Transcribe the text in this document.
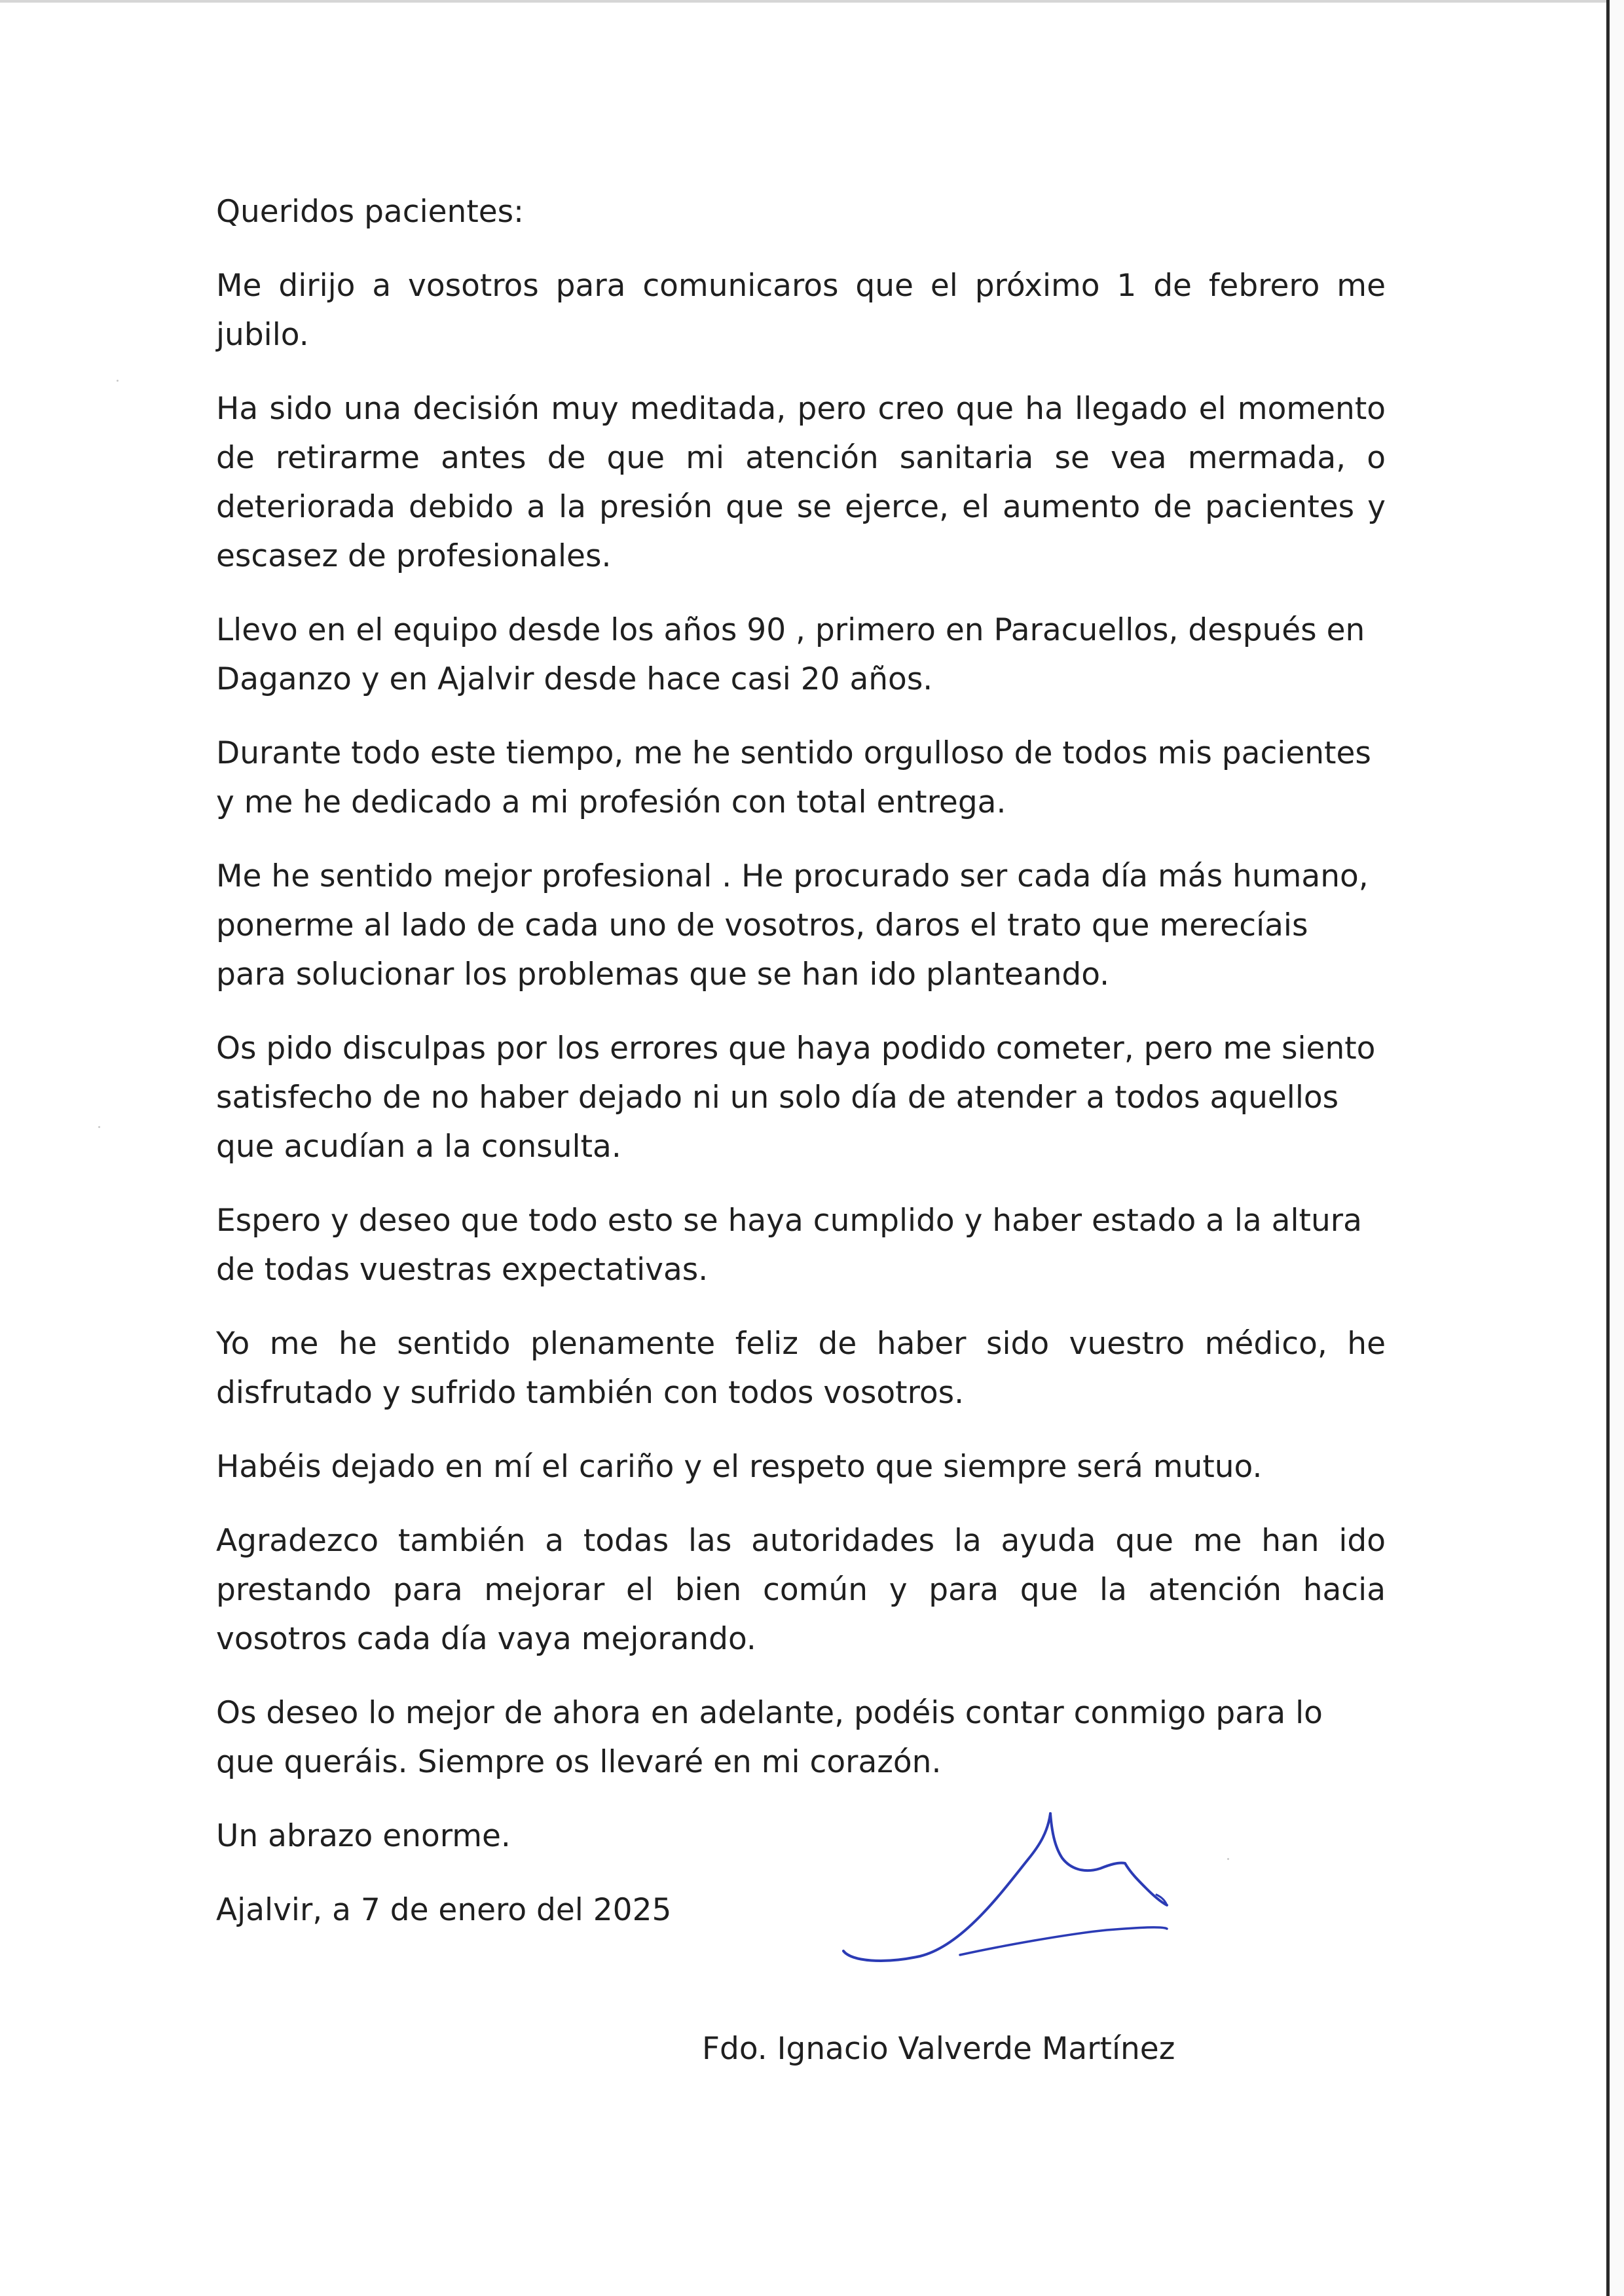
Queridos pacientes:

Me dirijo a vosotros para comunicaros que el próximo 1 de febrero me jubilo.

Ha sido una decisión muy meditada, pero creo que ha llegado el momento de retirarme antes de que mi atención sanitaria se vea mermada, o deteriorada debido a la presión que se ejerce, el aumento de pacientes y escasez de profesionales.

Llevo en el equipo desde los años 90 , primero en Paracuellos, después en Daganzo y en Ajalvir desde hace casi 20 años.

Durante todo este tiempo, me he sentido orgulloso de todos mis pacientes y me he dedicado a mi profesión con total entrega.

Me he sentido mejor profesional . He procurado ser cada día más humano, ponerme al lado de cada uno de vosotros, daros el trato que merecíais para solucionar los problemas que se han ido planteando.

Os pido disculpas por los errores que haya podido cometer, pero me siento satisfecho de no haber dejado ni un solo día de atender a todos aquellos que acudían a la consulta.

Espero y deseo que todo esto se haya cumplido y haber estado a la altura de todas vuestras expectativas.

Yo me he sentido plenamente feliz de haber sido vuestro médico, he disfrutado y sufrido también con todos vosotros.

Habéis dejado en mí el cariño y el respeto que siempre será mutuo.

Agradezco también a todas las autoridades la ayuda que me han ido prestando para mejorar el bien común y para que la atención hacia vosotros cada día vaya mejorando.

Os deseo lo mejor de ahora en adelante, podéis contar conmigo para lo que queráis. Siempre os llevaré en mi corazón.

Un abrazo enorme.

Ajalvir, a 7 de enero del 2025

Fdo. Ignacio Valverde Martínez
